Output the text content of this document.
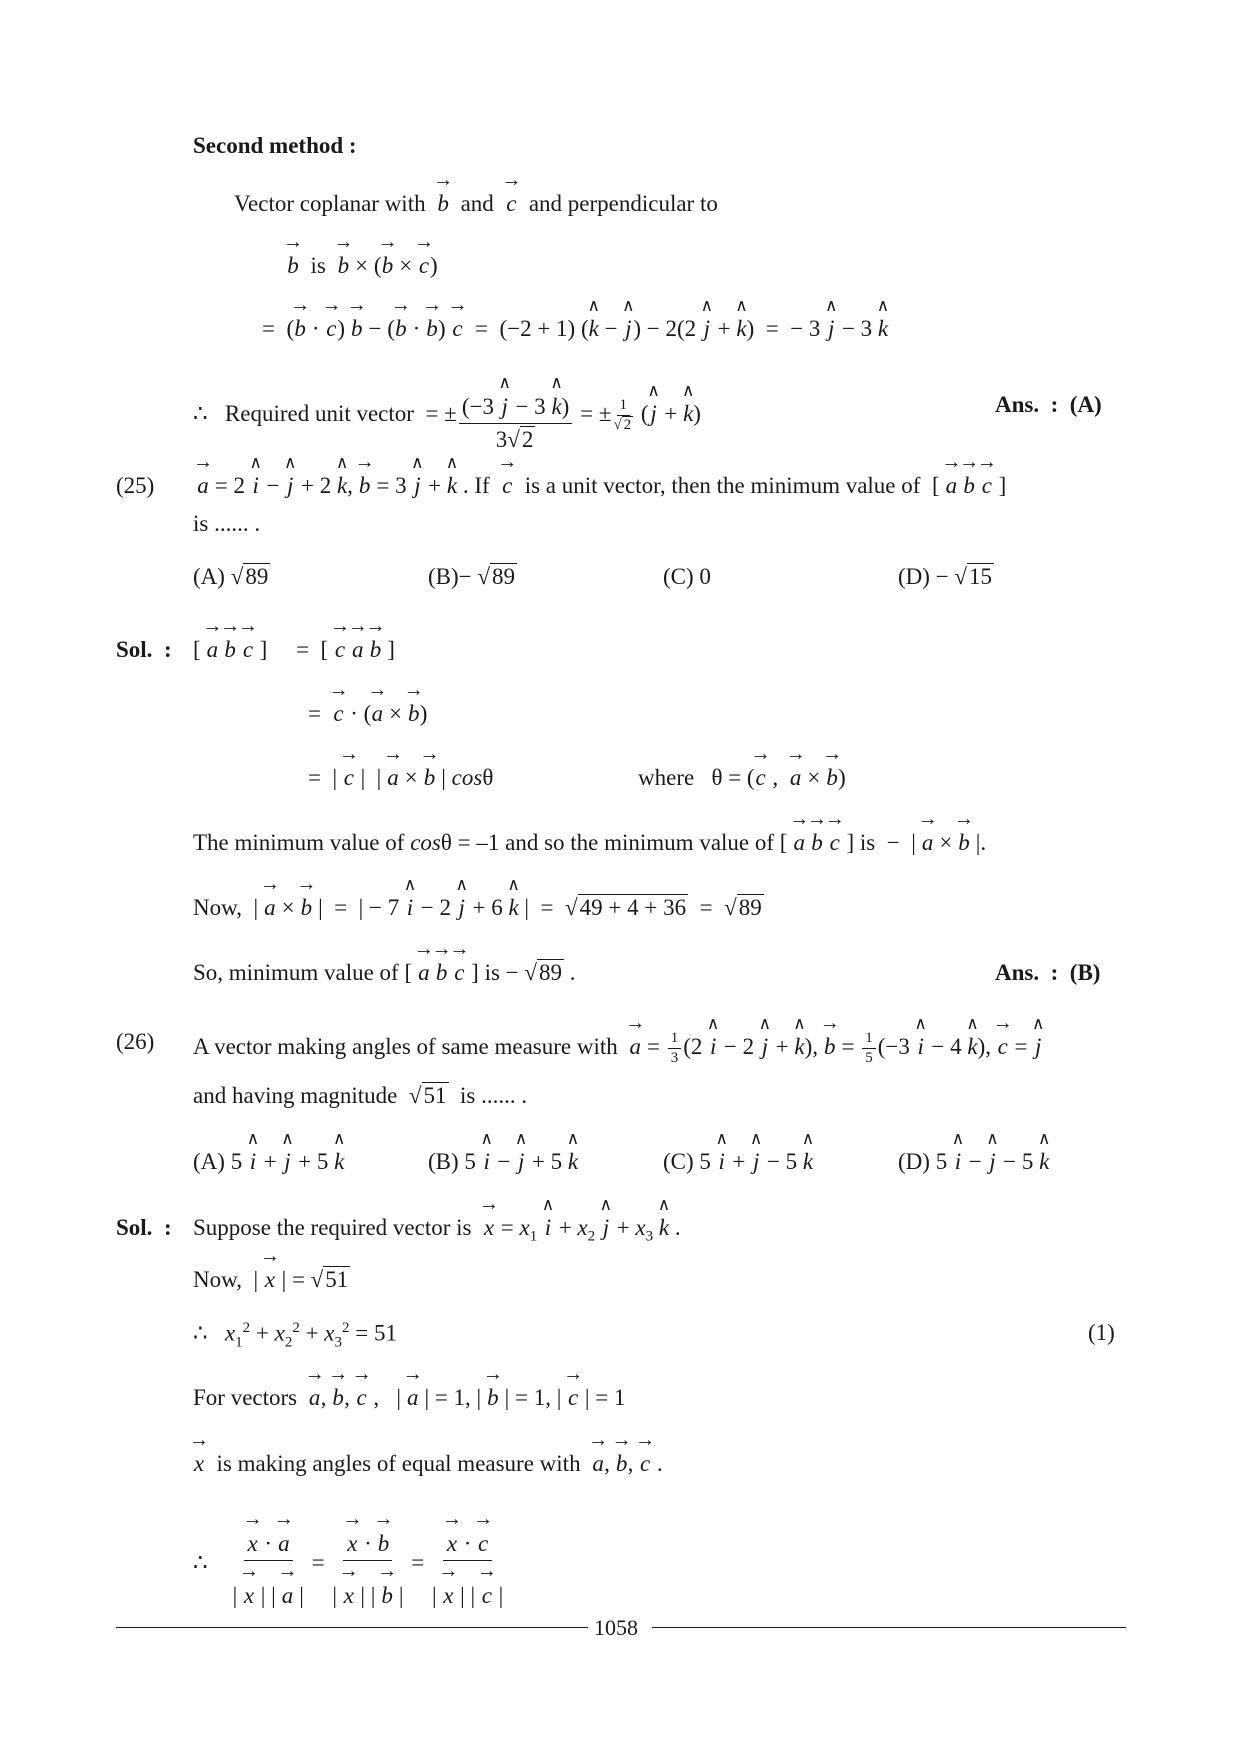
Second method :
Vector coplanar with → b and → c and perpendicular to
→ b is → b × (→ b × → c)
=  (→ b · → c) → b − (→ b · → b) → c  =  (−2 + 1) (∧ k − ∧ j) − 2(2 ∧ j + ∧ k)  =  − 3 ∧ j − 3 ∧ k
∴ Required unit vector  = ± $\frac{(-3 \wedge j - 3 \wedge k)}{3√2}$ = ± $\frac{1}{√ 2}$ (∧ j + ∧ k)	Ans. : (A)
(25) → a = 2 ∧ i − ∧ j + 2 ∧ k, → b = 3 ∧ j + ∧ k . If → c is a unit vector, then the minimum value of  [ → a → b → c ]
is ...... .
(A) √89	(B)− √89	(C) 0	(D) − √15
Sol. : [ → a → b → c ]     =  [ → c → a → b ]
=  → c · (→ a × → b)
=  | → c |  | → a × → b | cosθ	where   θ = (→ c ,  → a × → b)
The minimum value of cosθ = –1 and so the minimum value of [ → a → b → c ] is  −  | → a × → b |.
Now,  | → a × → b |  =  | − 7 ∧ i − 2 ∧ j + 6 ∧ k |  =  √49 + 4 + 36  =  √89
So, minimum value of [ → a → b → c ] is − √89 .	Ans. : (B)
(26) A vector making angles of same measure with → $a = \frac{1}{3} (2$ ∧ i − 2 ∧ j + ∧ k), → $b = \frac{1}{5} (-3$ ∧ i − 4 ∧ k), → c = ∧ j
and having magnitude √51 is ...... .
(A) 5 ∧ i + ∧ j + 5 ∧ k	(B) 5 ∧ i − ∧ j + 5 ∧ k	(C) 5 ∧ i + ∧ j − 5 ∧ k	(D) 5 ∧ i − ∧ j − 5 ∧ k
Sol. : Suppose the required vector is → $x = x_1$ ∧ $i + x_2$ ∧ $j + x_3$ ∧ k .
Now,  | → x | = √51
∴ $x_1^2 + x_2^2 + x_3^2 = 51$	(1)
For vectors → a, → b, → c ,   | → a | = 1, | → b | = 1, | → c | = 1
→ x is making angles of equal measure with → a, → b, → c .
∴ → $\frac{x \cdot \to a}{| \to x | | \to a |}$ = → $\frac{x \cdot \to b}{| \to x | | \to b |}$ = → $\frac{x \cdot \to c}{| \to x | | \to c |}$
1058
